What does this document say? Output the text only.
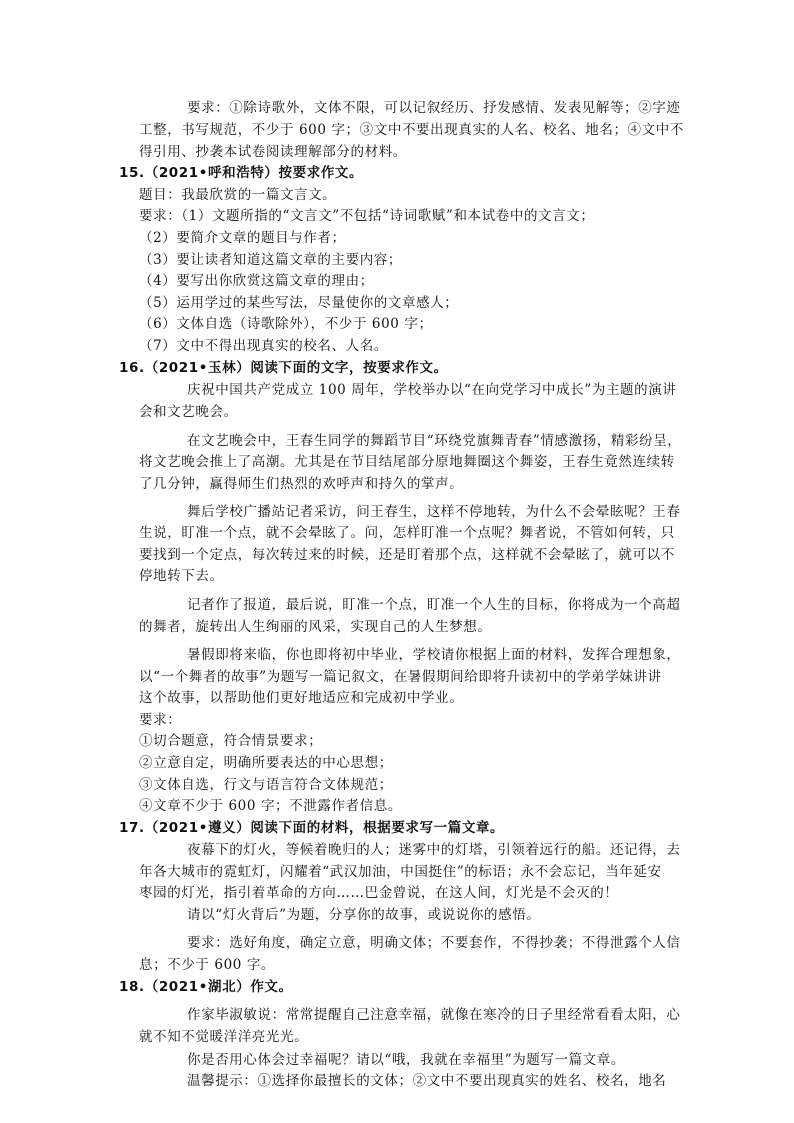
要求：①除诗歌外，文体不限，可以记叙经历、抒发感情、发表见解等；②字迹
工整，书写规范，不少于 600 字；③文中不要出现真实的人名、校名、地名；④文中不
得引用、抄袭本试卷阅读理解部分的材料。
15.（2021•呼和浩特）按要求作文。
题目：我最欣赏的一篇文言文。
要求：（1）文题所指的“文言文”不包括“诗词歌赋”和本试卷中的文言文；
（2）要简介文章的题目与作者；
（3）要让读者知道这篇文章的主要内容；
（4）要写出你欣赏这篇文章的理由；
（5）运用学过的某些写法，尽量使你的文章感人；
（6）文体自选（诗歌除外），不少于 600 字；
（7）文中不得出现真实的校名、人名。
16.（2021•玉林）阅读下面的文字，按要求作文。
庆祝中国共产党成立 100 周年，学校举办以“在向党学习中成长”为主题的演讲
会和文艺晚会。
在文艺晚会中，王春生同学的舞蹈节目“环绕党旗舞青春”情感激扬，精彩纷呈，
将文艺晚会推上了高潮。尤其是在节目结尾部分原地舞圈这个舞姿，王春生竟然连续转
了几分钟，赢得师生们热烈的欢呼声和持久的掌声。
舞后学校广播站记者采访，问王春生，这样不停地转，为什么不会晕眩呢？王春
生说，盯准一个点，就不会晕眩了。问，怎样盯准一个点呢？舞者说，不管如何转，只
要找到一个定点，每次转过来的时候，还是盯着那个点，这样就不会晕眩了，就可以不
停地转下去。
记者作了报道，最后说，盯准一个点，盯准一个人生的目标，你将成为一个高超
的舞者，旋转出人生绚丽的风采，实现自己的人生梦想。
暑假即将来临，你也即将初中毕业，学校请你根据上面的材料，发挥合理想象，
以“一个舞者的故事”为题写一篇记叙文，在暑假期间给即将升读初中的学弟学妹讲讲
这个故事，以帮助他们更好地适应和完成初中学业。
要求：
①切合题意，符合情景要求；
②立意自定，明确所要表达的中心思想；
③文体自选，行文与语言符合文体规范；
④文章不少于 600 字；不泄露作者信息。
17.（2021•遵义）阅读下面的材料，根据要求写一篇文章。
夜幕下的灯火，等候着晚归的人；迷雾中的灯塔，引领着远行的船。还记得，去
年各大城市的霓虹灯，闪耀着“武汉加油，中国挺住”的标语；永不会忘记，当年延安
枣园的灯光，指引着革命的方向……巴金曾说，在这人间，灯光是不会灭的！
请以“灯火背后”为题，分享你的故事，或说说你的感悟。
要求：选好角度，确定立意，明确文体；不要套作，不得抄袭；不得泄露个人信
息；不少于 600 字。
18.（2021•湖北）作文。
作家毕淑敏说：常常提醒自己注意幸福，就像在寒冷的日子里经常看看太阳，心
就不知不觉暖洋洋亮光光。
你是否用心体会过幸福呢？请以“哦，我就在幸福里”为题写一篇文章。
温馨提示：①选择你最擅长的文体；②文中不要出现真实的姓名、校名，地名
